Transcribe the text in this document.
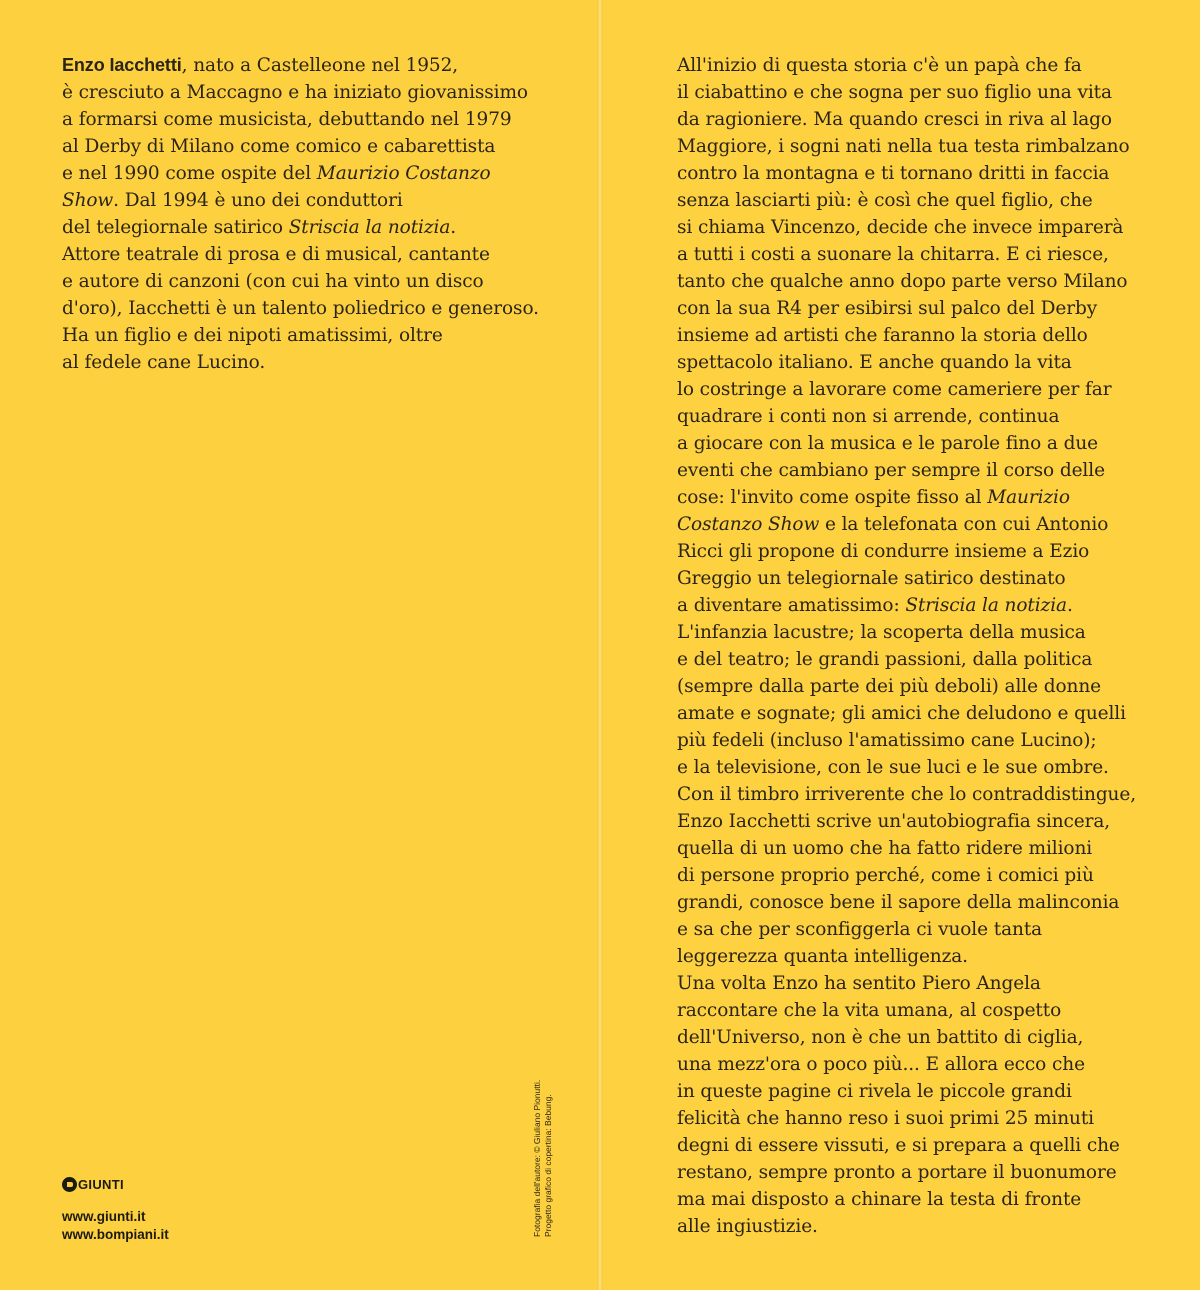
Enzo Iacchetti, nato a Castelleone nel 1952,
è cresciuto a Maccagno e ha iniziato giovanissimo
a formarsi come musicista, debuttando nel 1979
al Derby di Milano come comico e cabarettista
e nel 1990 come ospite del Maurizio Costanzo
Show. Dal 1994 è uno dei conduttori
del telegiornale satirico Striscia la notizia.
Attore teatrale di prosa e di musical, cantante
e autore di canzoni (con cui ha vinto un disco
d'oro), Iacchetti è un talento poliedrico e generoso.
Ha un figlio e dei nipoti amatissimi, oltre
al fedele cane Lucino.
All'inizio di questa storia c'è un papà che fa
il ciabattino e che sogna per suo figlio una vita
da ragioniere. Ma quando cresci in riva al lago
Maggiore, i sogni nati nella tua testa rimbalzano
contro la montagna e ti tornano dritti in faccia
senza lasciarti più: è così che quel figlio, che
si chiama Vincenzo, decide che invece imparerà
a tutti i costi a suonare la chitarra. E ci riesce,
tanto che qualche anno dopo parte verso Milano
con la sua R4 per esibirsi sul palco del Derby
insieme ad artisti che faranno la storia dello
spettacolo italiano. E anche quando la vita
lo costringe a lavorare come cameriere per far
quadrare i conti non si arrende, continua
a giocare con la musica e le parole fino a due
eventi che cambiano per sempre il corso delle
cose: l'invito come ospite fisso al Maurizio
Costanzo Show e la telefonata con cui Antonio
Ricci gli propone di condurre insieme a Ezio
Greggio un telegiornale satirico destinato
a diventare amatissimo: Striscia la notizia.
L'infanzia lacustre; la scoperta della musica
e del teatro; le grandi passioni, dalla politica
(sempre dalla parte dei più deboli) alle donne
amate e sognate; gli amici che deludono e quelli
più fedeli (incluso l'amatissimo cane Lucino);
e la televisione, con le sue luci e le sue ombre.
Con il timbro irriverente che lo contraddistingue,
Enzo Iacchetti scrive un'autobiografia sincera,
quella di un uomo che ha fatto ridere milioni
di persone proprio perché, come i comici più
grandi, conosce bene il sapore della malinconia
e sa che per sconfiggerla ci vuole tanta
leggerezza quanta intelligenza.
Una volta Enzo ha sentito Piero Angela
raccontare che la vita umana, al cospetto
dell'Universo, non è che un battito di ciglia,
una mezz'ora o poco più... E allora ecco che
in queste pagine ci rivela le piccole grandi
felicità che hanno reso i suoi primi 25 minuti
degni di essere vissuti, e si prepara a quelli che
restano, sempre pronto a portare il buonumore
ma mai disposto a chinare la testa di fronte
alle ingiustizie.
GIUNTI
www.giunti.it
www.bompiani.it	Fotografia dell'autore: © Giuliano Pionutti. Progetto grafico di copertina: Bebung.
